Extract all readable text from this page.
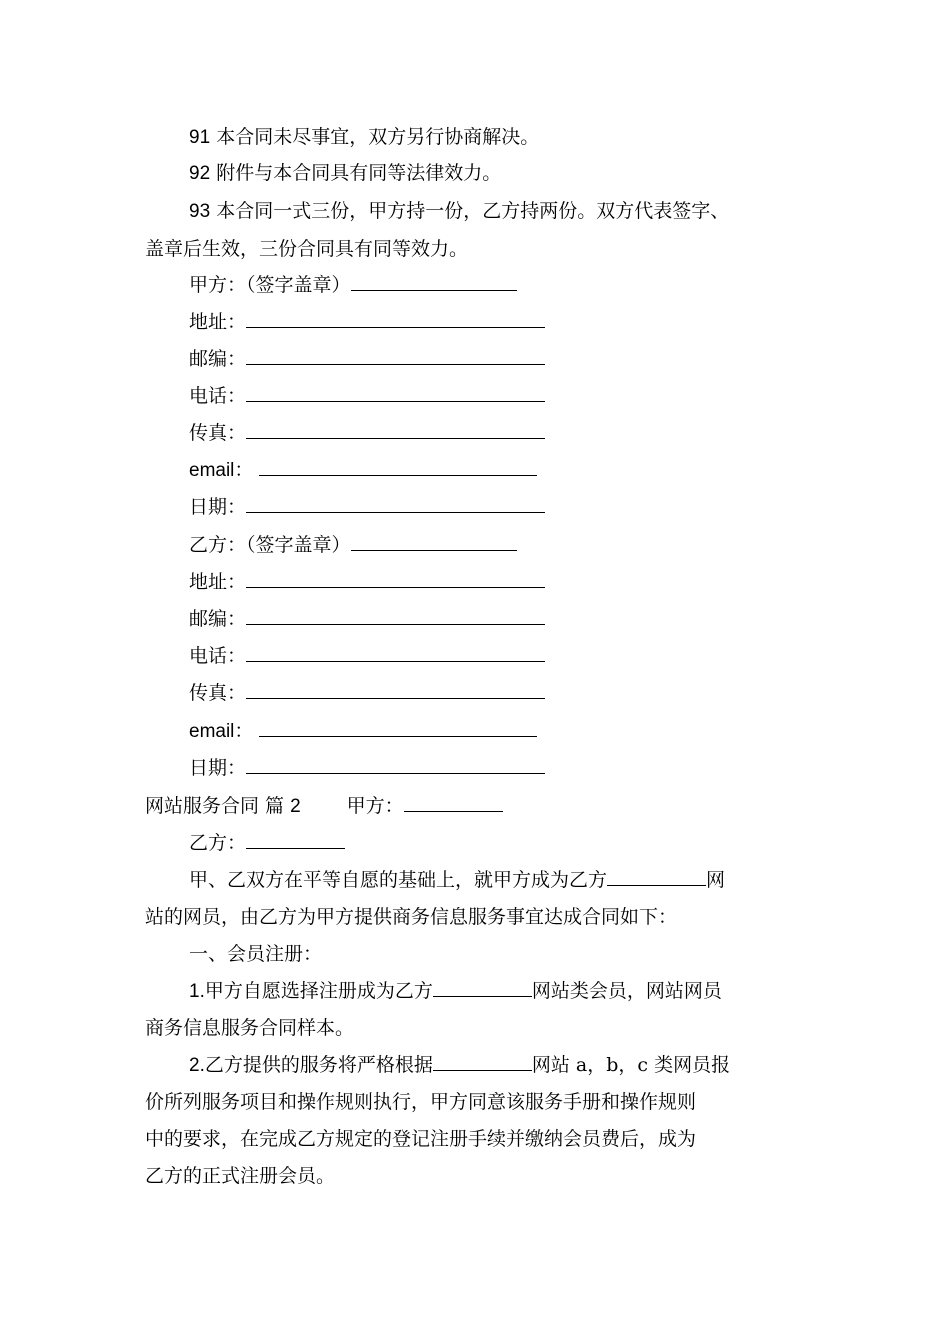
91 本合同未尽事宜，双方另行协商解决。
92 附件与本合同具有同等法律效力。
93 本合同一式三份，甲方持一份，乙方持两份。双方代表签字、
盖章后生效，三份合同具有同等效力。
甲方：（签字盖章）
地址：
邮编：
电话：
传真：
email：
日期：
乙方：（签字盖章）
地址：
邮编：
电话：
传真：
email：
日期：
网站服务合同 篇 2 甲方：
乙方：
甲、乙双方在平等自愿的基础上，就甲方成为乙方	网
站的网员，由乙方为甲方提供商务信息服务事宜达成合同如下：
一、会员注册：
1.甲方自愿选择注册成为乙方	网站类会员，网站网员
商务信息服务合同样本。
2.乙方提供的服务将严格根据	网站 a，b，c 类网员报
价所列服务项目和操作规则执行，甲方同意该服务手册和操作规则
中的要求，在完成乙方规定的登记注册手续并缴纳会员费后，成为
乙方的正式注册会员。
